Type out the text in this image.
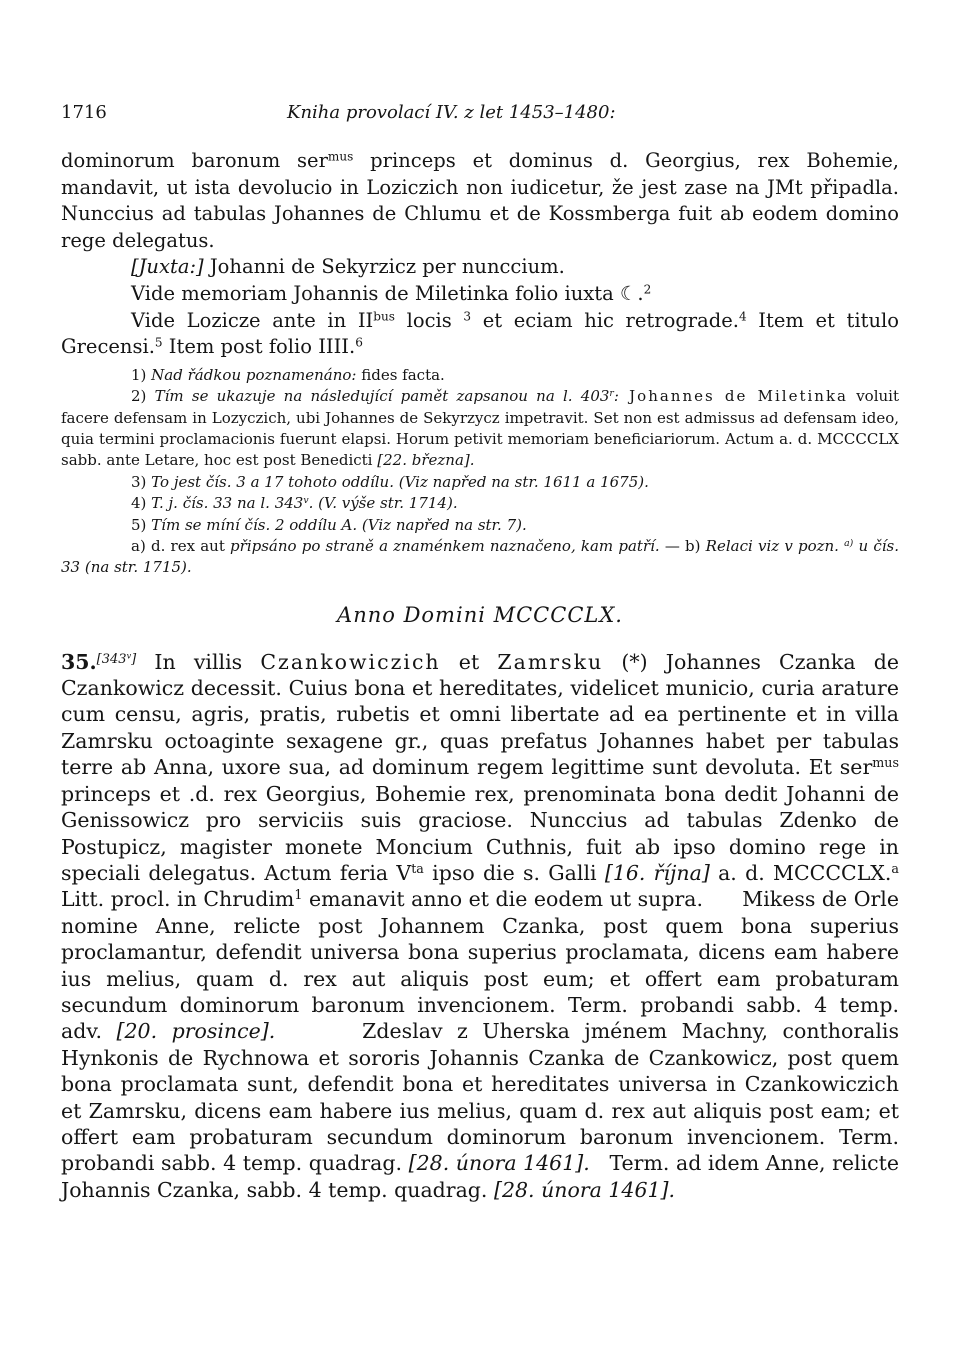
1716	Kniha provolací IV. z let 1453–1480:

dominorum baronum ser$^{mus}$ princeps et dominus d. Georgius, rex Bohemie, mandavit, ut ista devolucio in Loziczich non iudicetur, že jest zase na JMt připadla. Nunccius ad tabulas Johannes de Chlumu et de Kossmberga fuit ab eodem domino rege delegatus.

[Juxta:] Johanni de Sekyrzicz per nunccium.

Vide memoriam Johannis de Miletinka folio iuxta ☾.$^2$

Vide Lozicze ante in $II^{bus}$ locis $^3$ et eciam hic retrograde.$^4$ Item et titulo Grecensi.$^5$ Item post folio IIII.$^6$

1) Nad řádkou poznamenáno: fides facta.

2) Tím se ukazuje na následující pamět zapsanou na l. 403$^r$: Johannes de Miletinka voluit facere defensam in Lozyczich, ubi Johannes de Sekyrzycz impetravit. Set non est admissus ad defensam ideo, quia termini proclamacionis fuerunt elapsi. Horum petivit memoriam beneficiariorum. Actum a. d. MCCCCLX sabb. ante Letare, hoc est post Benedicti [22. března].

3) To jest čís. 3 a 17 tohoto oddílu. (Viz napřed na str. 1611 a 1675).

4) T. j. čís. 33 na l. 343$^v$. (V. výše str. 1714).

5) Tím se míní čís. 2 oddílu A. (Viz napřed na str. 7).

a) d. rex aut připsáno po straně a znaménkem naznačeno, kam patří. — b) Relaci viz v pozn. $^{a)}$ u čís. 33 (na str. 1715).

Anno Domini MCCCCLX.

35.[343v] In villis Czankowiczich et Zamrsku (*) Johannes Czanka de Czankowicz decessit. Cuius bona et hereditates, videlicet municio, curia arature cum censu, agris, pratis, rubetis et omni libertate ad ea pertinente et in villa Zamrsku octoaginte sexagene gr., quas prefatus Johannes habet per tabulas terre ab Anna, uxore sua, ad dominum regem legittime sunt devoluta. Et ser$^{mus}$ princeps et .d. rex Georgius, Bohemie rex, prenominata bona dedit Johanni de Genissowicz pro serviciis suis graciose. Nunccius ad tabulas Zdenko de Postupicz, magister monete Moncium Cuthnis, fuit ab ipso domino rege in speciali delegatus. Actum feria $V^{ta}$ ipso die s. Galli [16. října] a. d. MCCCCLX.$^a$ Litt. procl. in Chrudim$^1$ emanavit anno et die eodem ut supra.      Mikess de Orle nomine Anne, relicte post Johannem Czanka, post quem bona superius proclamantur, defendit universa bona superius proclamata, dicens eam habere ius melius, quam d. rex aut aliquis post eum; et offert eam probaturam secundum dominorum baronum invencionem. Term. probandi sabb. 4 temp. adv. [20. prosince].      Zdeslav z Uherska jménem Machny, conthoralis Hynkonis de Rychnowa et sororis Johannis Czanka de Czankowicz, post quem bona proclamata sunt, defendit bona et hereditates universa in Czankowiczich et Zamrsku, dicens eam habere ius melius, quam d. rex aut aliquis post eam; et offert eam probaturam secundum dominorum baronum invencionem. Term. probandi sabb. 4 temp. quadrag. [28. února 1461].   Term. ad idem Anne, relicte Johannis Czanka, sabb. 4 temp. quadrag. [28. února 1461].
